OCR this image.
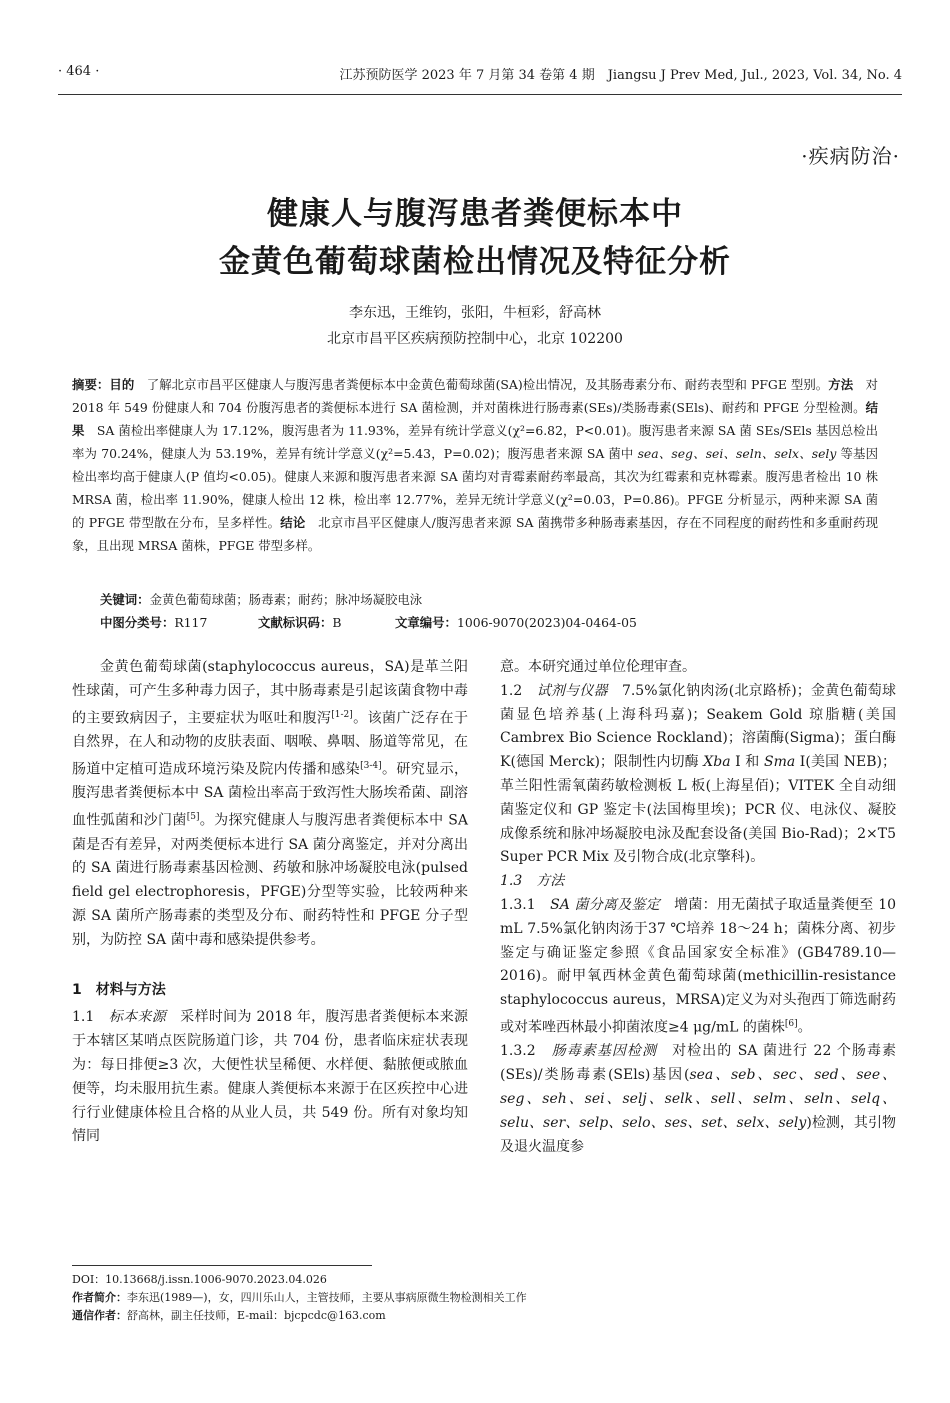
· 464 ·	江苏预防医学 2023 年 7 月第 34 卷第 4 期　Jiangsu J Prev Med, Jul., 2023, Vol. 34, No. 4
·疾病防治·
健康人与腹泻患者粪便标本中
金黄色葡萄球菌检出情况及特征分析
李东迅，王维钧，张阳，牛桓彩，舒高林
北京市昌平区疾病预防控制中心，北京 102200
摘要：目的　了解北京市昌平区健康人与腹泻患者粪便标本中金黄色葡萄球菌(SA)检出情况，及其肠毒素分布、耐药表型和 PFGE 型别。方法　对 2018 年 549 份健康人和 704 份腹泻患者的粪便标本进行 SA 菌检测，并对菌株进行肠毒素(SEs)/类肠毒素(SEls)、耐药和 PFGE 分型检测。结果　SA 菌检出率健康人为 17.12%，腹泻患者为 11.93%，差异有统计学意义(χ²=6.82，P<0.01)。腹泻患者来源 SA 菌 SEs/SEls 基因总检出率为 70.24%，健康人为 53.19%，差异有统计学意义(χ²=5.43，P=0.02)；腹泻患者来源 SA 菌中 sea、seg、sei、seln、selx、sely 等基因检出率均高于健康人(P 值均<0.05)。健康人来源和腹泻患者来源 SA 菌均对青霉素耐药率最高，其次为红霉素和克林霉素。腹泻患者检出 10 株 MRSA 菌，检出率 11.90%，健康人检出 12 株，检出率 12.77%，差异无统计学意义(χ²=0.03，P=0.86)。PFGE 分析显示，两种来源 SA 菌的 PFGE 带型散在分布，呈多样性。结论　北京市昌平区健康人/腹泻患者来源 SA 菌携带多种肠毒素基因，存在不同程度的耐药性和多重耐药现象，且出现 MRSA 菌株，PFGE 带型多样。
关键词：金黄色葡萄球菌；肠毒素；耐药；脉冲场凝胶电泳
中图分类号：R117	文献标识码：B	文章编号：1006-9070(2023)04-0464-05

金黄色葡萄球菌(staphylococcus aureus，SA)是革兰阳性球菌，可产生多种毒力因子，其中肠毒素是引起该菌食物中毒的主要致病因子，主要症状为呕吐和腹泻[1-2]。该菌广泛存在于自然界，在人和动物的皮肤表面、咽喉、鼻咽、肠道等常见，在肠道中定植可造成环境污染及院内传播和感染[3-4]。研究显示，腹泻患者粪便标本中 SA 菌检出率高于致泻性大肠埃希菌、副溶血性弧菌和沙门菌[5]。为探究健康人与腹泻患者粪便标本中 SA 菌是否有差异，对两类便标本进行 SA 菌分离鉴定，并对分离出的 SA 菌进行肠毒素基因检测、药敏和脉冲场凝胶电泳(pulsed field gel electrophoresis，PFGE)分型等实验，比较两种来源 SA 菌所产肠毒素的类型及分布、耐药特性和 PFGE 分子型别，为防控 SA 菌中毒和感染提供参考。

1　材料与方法

1.1　标本来源　采样时间为 2018 年，腹泻患者粪便标本来源于本辖区某哨点医院肠道门诊，共 704 份，患者临床症状表现为：每日排便≥3 次，大便性状呈稀便、水样便、黏脓便或脓血便等，均未服用抗生素。健康人粪便标本来源于在区疾控中心进行行业健康体检且合格的从业人员，共 549 份。所有对象均知情同

意。本研究通过单位伦理审查。

1.2　试剂与仪器　7.5%氯化钠肉汤(北京路桥)；金黄色葡萄球菌显色培养基(上海科玛嘉)；Seakem Gold 琼脂糖(美国 Cambrex Bio Science Rockland)；溶菌酶(Sigma)；蛋白酶 K(德国 Merck)；限制性内切酶 Xba Ⅰ 和 Sma Ⅰ(美国 NEB)；革兰阳性需氧菌药敏检测板 L 板(上海星佰)；VITEK 全自动细菌鉴定仪和 GP 鉴定卡(法国梅里埃)；PCR 仪、电泳仪、凝胶成像系统和脉冲场凝胶电泳及配套设备(美国 Bio-Rad)；2×T5 Super PCR Mix 及引物合成(北京擎科)。

1.3　方法

1.3.1　SA 菌分离及鉴定　增菌：用无菌拭子取适量粪便至 10 mL 7.5%氯化钠肉汤于37 ℃培养 18～24 h；菌株分离、初步鉴定与确证鉴定参照《食品国家安全标准》(GB4789.10—2016)。耐甲氧西林金黄色葡萄球菌(methicillin-resistance staphylococcus aureus，MRSA)定义为对头孢西丁筛选耐药或对苯唑西林最小抑菌浓度≥4 μg/mL 的菌株[6]。

1.3.2　肠毒素基因检测　对检出的 SA 菌进行 22 个肠毒素(SEs)/类肠毒素(SEls)基因(sea、seb、sec、sed、see、seg、seh、sei、selj、selk、sell、selm、seln、selq、selu、ser、selp、selo、ses、set、selx、sely)检测，其引物及退火温度参

DOI：10.13668/j.issn.1006-9070.2023.04.026
作者简介：李东迅(1989—)，女，四川乐山人，主管技师，主要从事病原微生物检测相关工作
通信作者：舒高林，副主任技师，E-mail：bjcpcdc@163.com
